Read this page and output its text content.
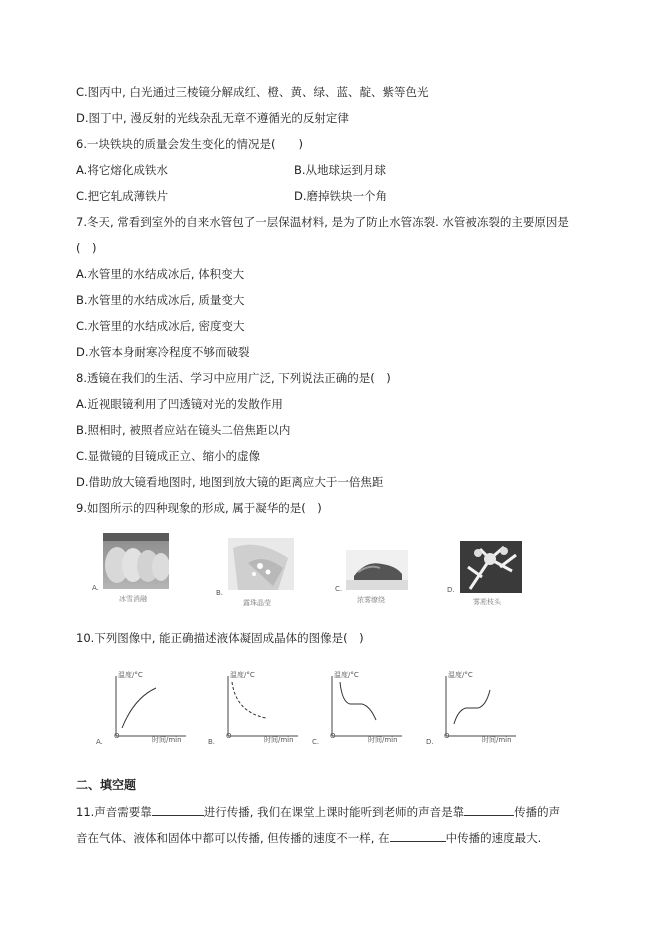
C.图丙中, 白光通过三棱镜分解成红、橙、黄、绿、蓝、靛、紫等色光
D.图丁中, 漫反射的光线杂乱无章不遵循光的反射定律
6.一块铁块的质量会发生变化的情况是(　　)
A.将它熔化成铁水	B.从地球运到月球
C.把它轧成薄铁片	D.磨掉铁块一个角
7.冬天, 常看到室外的自来水管包了一层保温材料, 是为了防止水管冻裂. 水管被冻裂的主要原因是
(　)
A.水管里的水结成冰后, 体积变大
B.水管里的水结成冰后, 质量变大
C.水管里的水结成冰后, 密度变大
D.水管本身耐寒冷程度不够而破裂
8.透镜在我们的生活、学习中应用广泛, 下列说法正确的是(　)
A.近视眼镜利用了凹透镜对光的发散作用
B.照相时, 被照者应站在镜头二倍焦距以内
C.显微镜的目镜成正立、缩小的虚像
D.借助放大镜看地图时, 地图到放大镜的距离应大于一倍焦距
9.如图所示的四种现象的形成, 属于凝华的是(　)
A.
冰雪消融
B.
露珠晶莹
C.
浓雾缭绕
D.
雾凇枝头
10.下列图像中, 能正确描述液体凝固成晶体的图像是(　)
温度/°C
时间/min
O
A.
温度/°C
时间/min
O
B.
温度/°C
时间/min
O
C.
温度/°C
时间/min
O
D.
二、填空题
11.声音需要靠	进行传播, 我们在课堂上课时能听到老师的声音是靠	传播的声
音在气体、液体和固体中都可以传播, 但传播的速度不一样, 在	中传播的速度最大.
